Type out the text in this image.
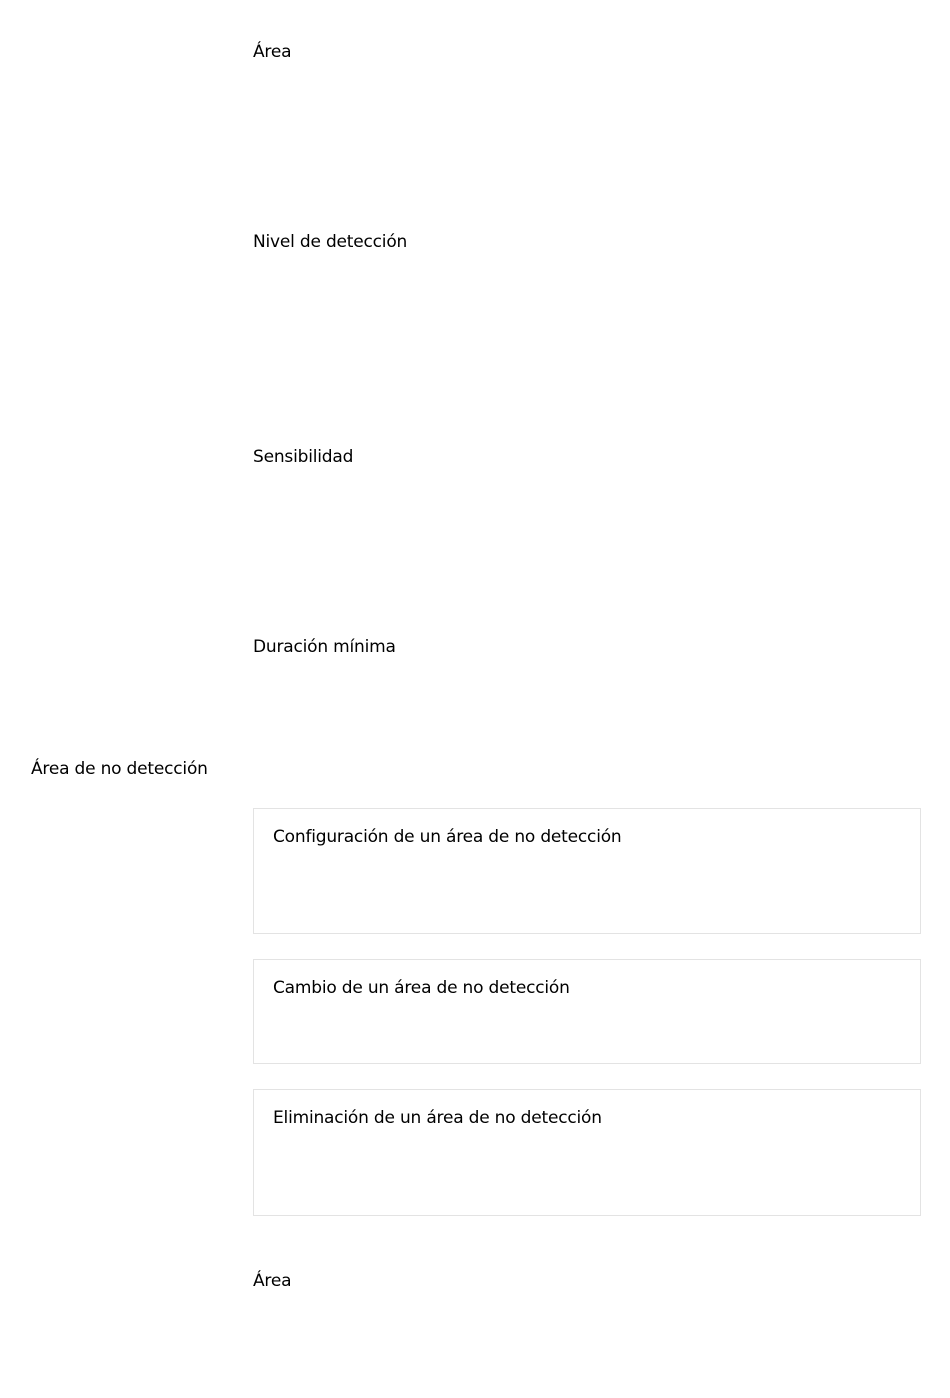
Área
Nivel de detección
Sensibilidad
Duración mínima
Área de no detección
Configuración de un área de no detección
Cambio de un área de no detección
Eliminación de un área de no detección
Área
